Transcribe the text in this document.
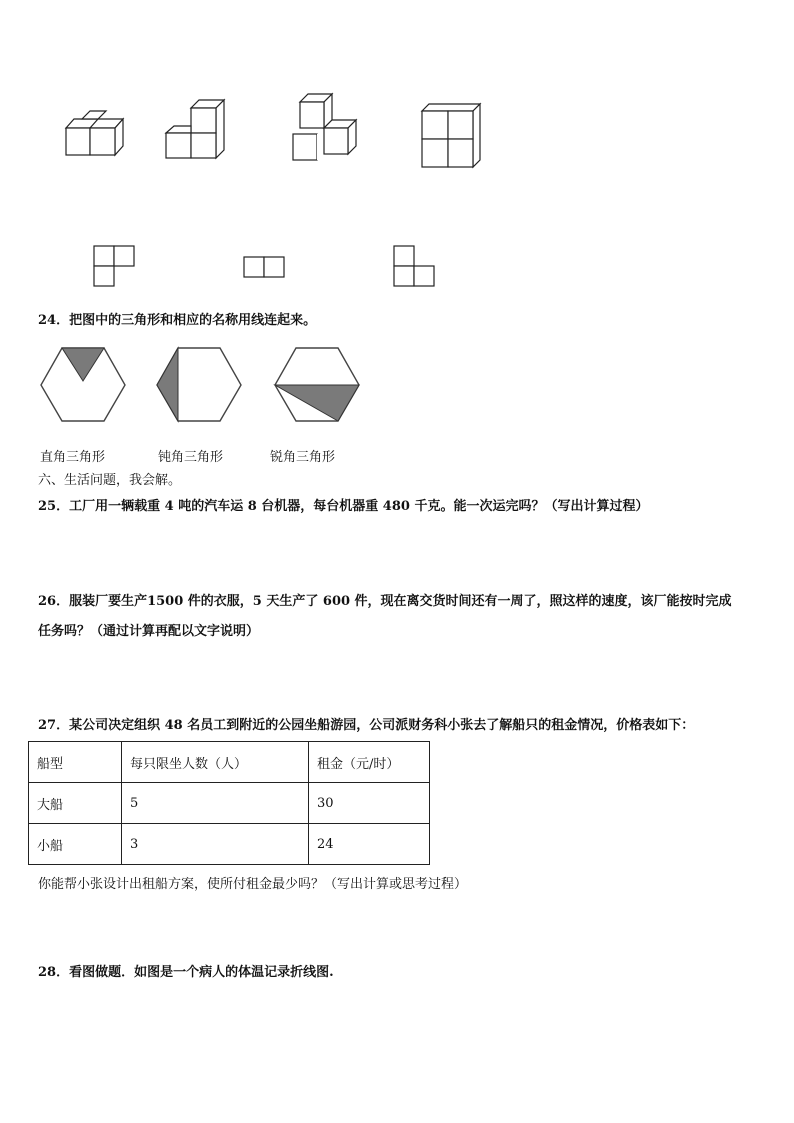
24．把图中的三角形和相应的名称用线连起来。
直角三角形	钝角三角形	锐角三角形
六、生活问题，我会解。
25．工厂用一辆载重 4 吨的汽车运 8 台机器，每台机器重 480 千克。能一次运完吗？（写出计算过程）
26．服装厂要生产1500 件的衣服，5 天生产了 600 件，现在离交货时间还有一周了，照这样的速度，该厂能按时完成
任务吗？（通过计算再配以文字说明）
27．某公司决定组织 48 名员工到附近的公园坐船游园，公司派财务科小张去了解船只的租金情况，价格表如下：
船型	每只限坐人数（人）	租金（元/时）
大船	5	30
小船	3	24
你能帮小张设计出租船方案，使所付租金最少吗？（写出计算或思考过程）
28．看图做题．如图是一个病人的体温记录折线图.
